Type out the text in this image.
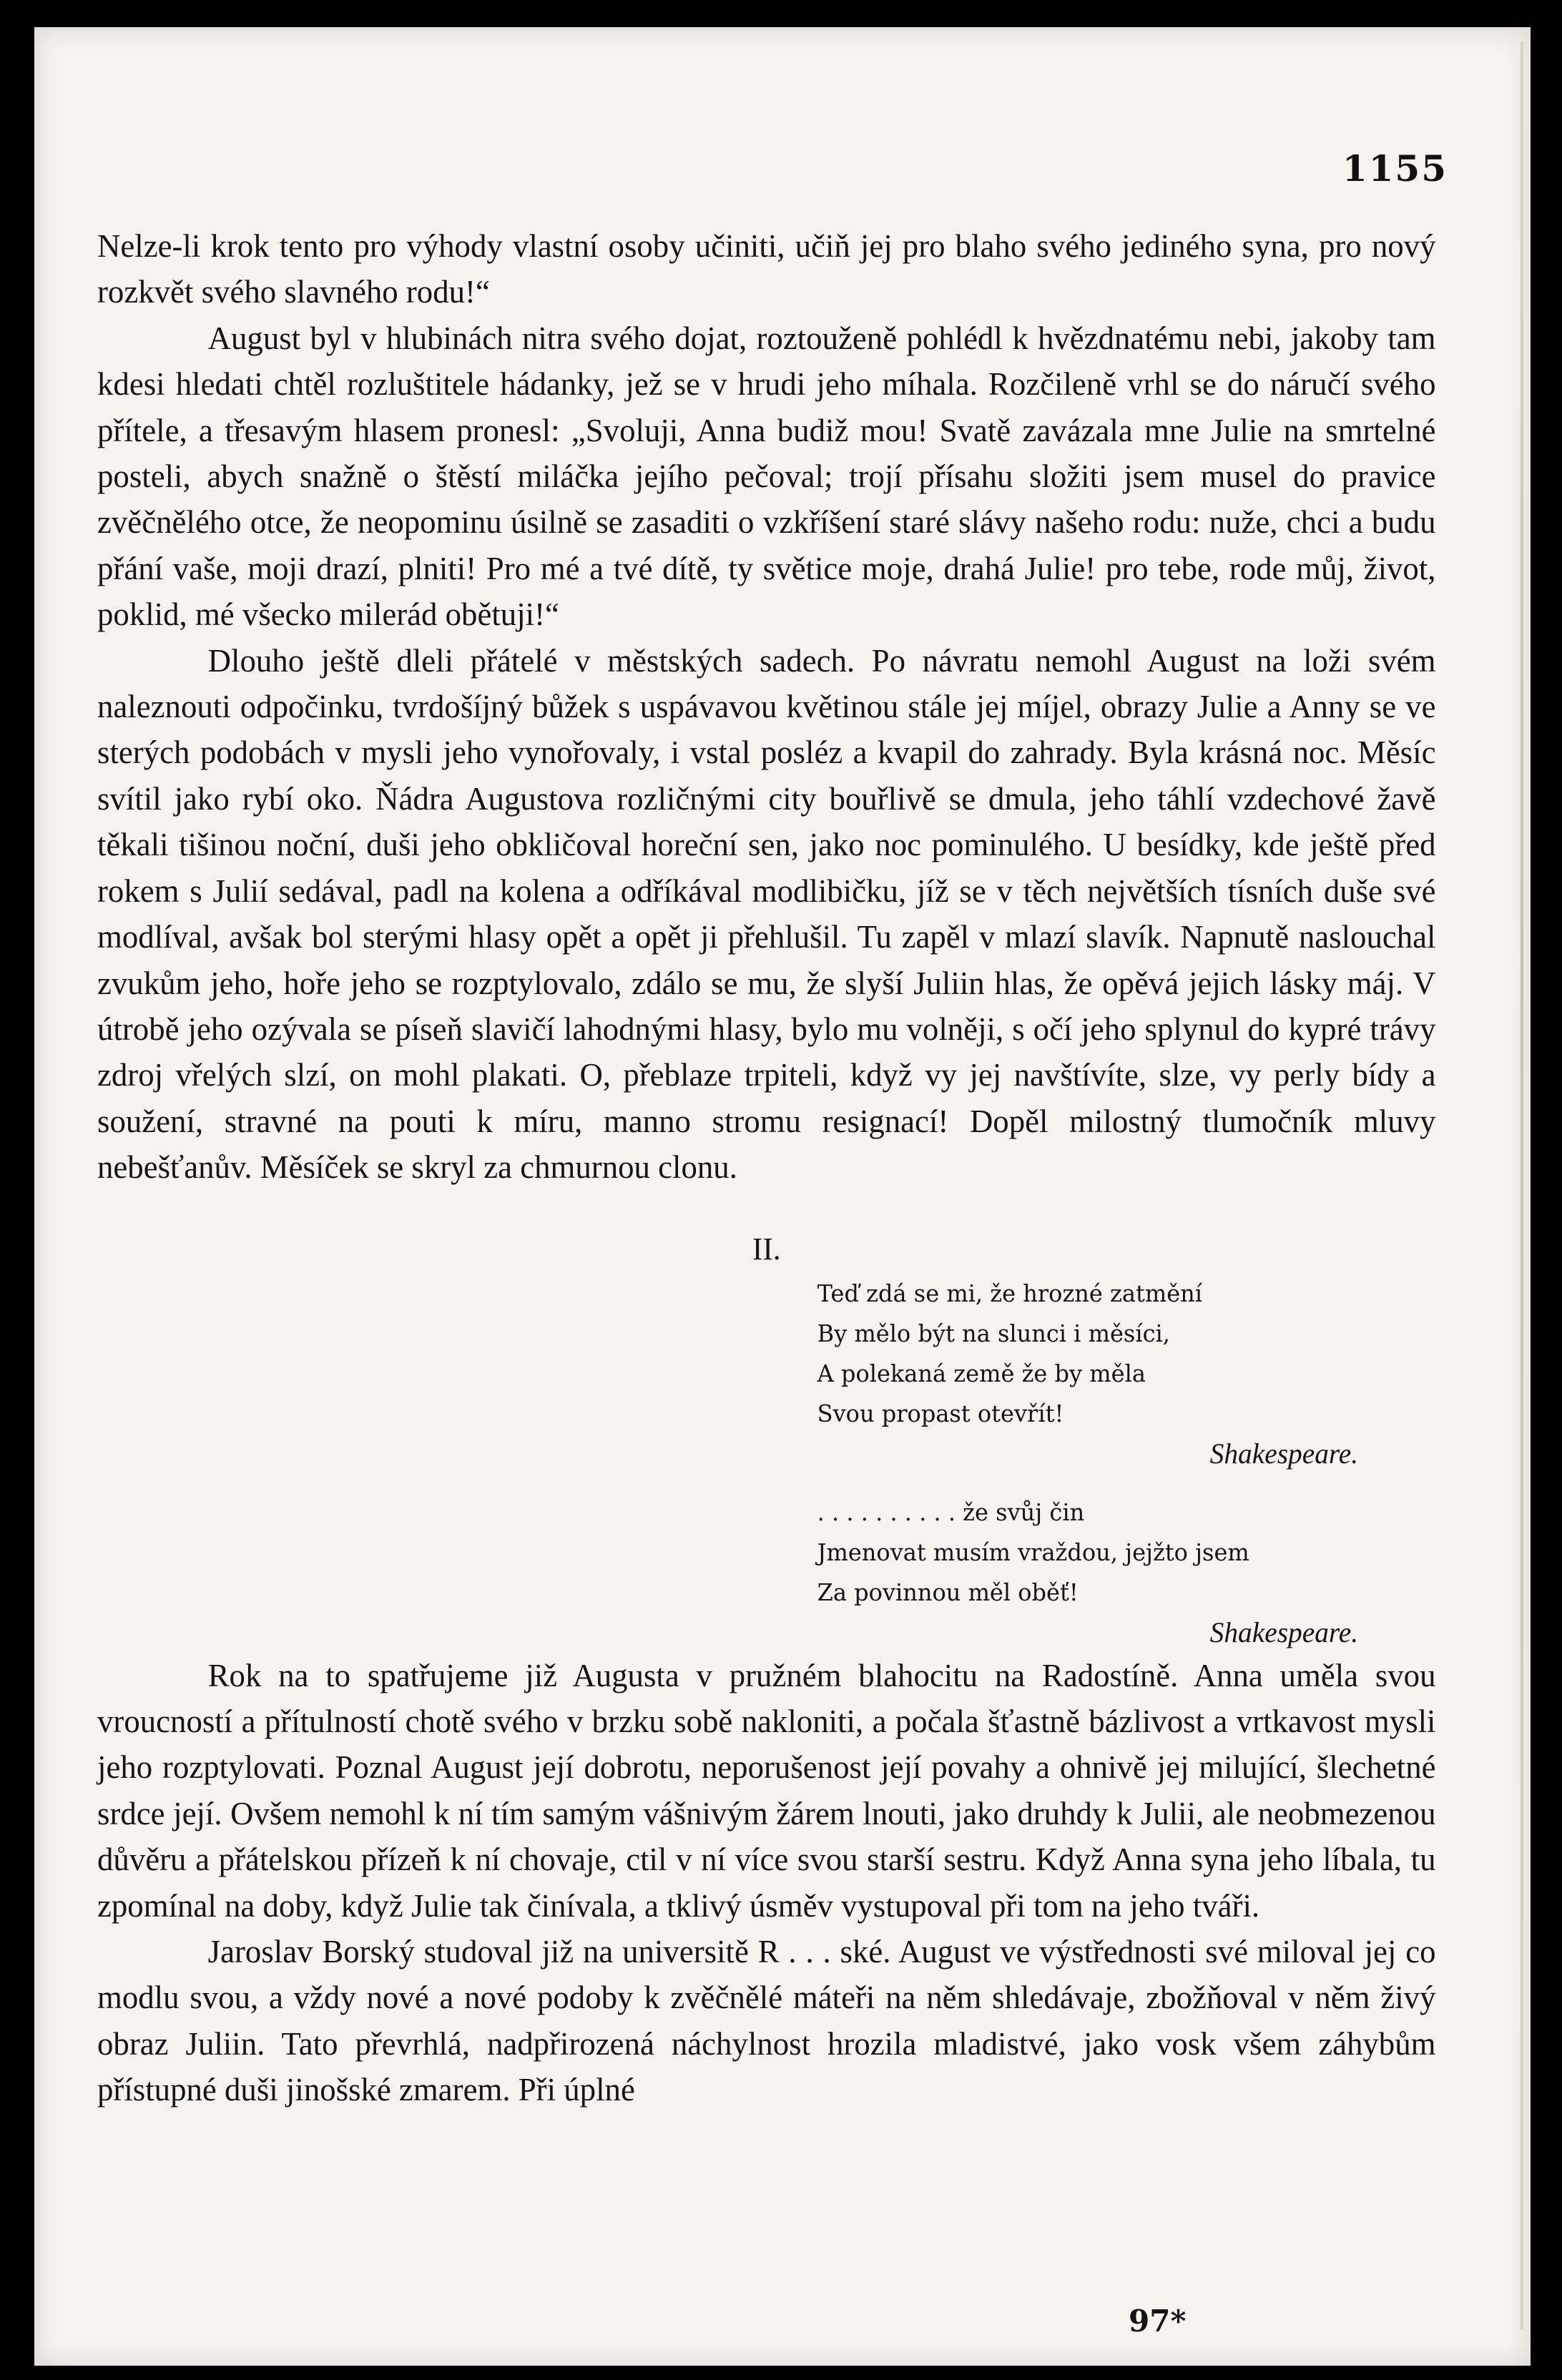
1155

Nelze-li krok tento pro výhody vlastní osoby učiniti, učiň jej pro blaho svého jediného syna, pro nový rozkvět svého slavného rodu!“

August byl v hlubinách nitra svého dojat, roztouženě pohlédl k hvězdnatému nebi, jakoby tam kdesi hledati chtěl rozluštitele hádanky, jež se v hrudi jeho míhala. Rozčileně vrhl se do náručí svého přítele, a třesavým hlasem pronesl: „Svoluji, Anna budiž mou! Svatě zavázala mne Julie na smrtelné posteli, abych snažně o štěstí miláčka jejího pečoval; trojí přísahu složiti jsem musel do pravice zvěčnělého otce, že neopominu úsilně se zasaditi o vzkříšení staré slávy našeho rodu: nuže, chci a budu přání vaše, moji drazí, plniti! Pro mé a tvé dítě, ty světice moje, drahá Julie! pro tebe, rode můj, život, poklid, mé všecko milerád obětuji!“

Dlouho ještě dleli přátelé v městských sadech. Po návratu nemohl August na loži svém naleznouti odpočinku, tvrdošíjný bůžek s uspávavou květinou stále jej míjel, obrazy Julie a Anny se ve sterých podobách v mysli jeho vynořovaly, i vstal posléz a kvapil do zahrady. Byla krásná noc. Měsíc svítil jako rybí oko. Ňádra Augustova rozličnými city bouřlivě se dmula, jeho táhlí vzdechové žavě těkali tišinou noční, duši jeho obkličoval horeční sen, jako noc pominulého. U besídky, kde ještě před rokem s Julií sedával, padl na kolena a odříkával modlibičku, jíž se v těch největších tísních duše své modlíval, avšak bol sterými hlasy opět a opět ji přehlušil. Tu zapěl v mlazí slavík. Napnutě naslouchal zvukům jeho, hoře jeho se rozptylovalo, zdálo se mu, že slyší Juliin hlas, že opěvá jejich lásky máj. V útrobě jeho ozývala se píseň slavičí lahodnými hlasy, bylo mu volněji, s očí jeho splynul do kypré trávy zdroj vřelých slzí, on mohl plakati. O, přeblaze trpiteli, když vy jej navštívíte, slze, vy perly bídy a soužení, stravné na pouti k míru, manno stromu resignací! Dopěl milostný tlumočník mluvy nebešťanův. Měsíček se skryl za chmurnou clonu.

II.
Teď zdá se mi, že hrozné zatmění
By mělo být na slunci i měsíci,
A polekaná země že by měla
Svou propast otevřít!
Shakespeare.
. . . . . . . . . . že svůj čin
Jmenovat musím vraždou, jejžto jsem
Za povinnou měl oběť!
Shakespeare.

Rok na to spatřujeme již Augusta v pružném blahocitu na Radostíně. Anna uměla svou vroucností a přítulností chotě svého v brzku sobě nakloniti, a počala šťastně bázlivost a vrtkavost mysli jeho rozptylovati. Poznal August její dobrotu, neporušenost její povahy a ohnivě jej milující, šlechetné srdce její. Ovšem nemohl k ní tím samým vášnivým žárem lnouti, jako druhdy k Julii, ale neobmezenou důvěru a přátelskou přízeň k ní chovaje, ctil v ní více svou starší sestru. Když Anna syna jeho líbala, tu zpomínal na doby, když Julie tak činívala, a tklivý úsměv vystupoval při tom na jeho tváři.

Jaroslav Borský studoval již na universitě R . . . ské. August ve výstřednosti své miloval jej co modlu svou, a vždy nové a nové podoby k zvěčnělé mátеři na něm shledávaje, zbožňoval v něm živý obraz Juliin. Tato převrhlá, nadpřirozená náchylnost hrozila mladistvé, jako vosk všem záhybům přístupné duši jinošské zmarem. Při úplné

97*
